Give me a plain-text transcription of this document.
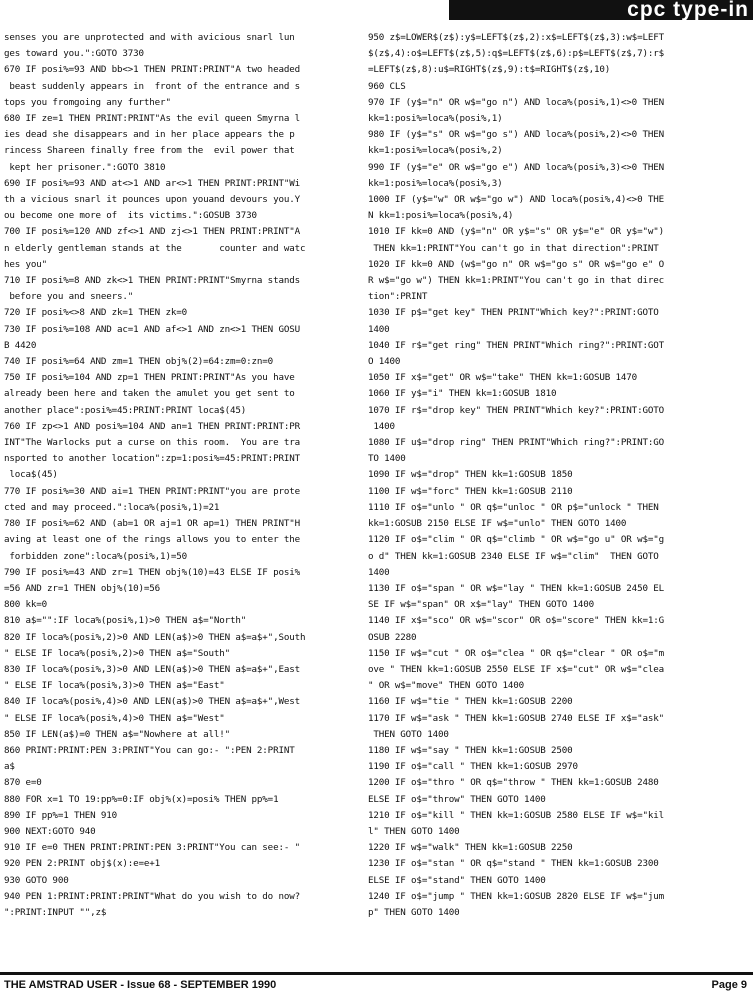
cpc type-in
senses you are unprotected and with avicious snarl lun
ges toward you.":GOTO 3730
670 IF posi%=93 AND bb<>1 THEN PRINT:PRINT"A two headed
beast suddenly appears in  front of the entrance and s
tops you fromgoing any further"
680 IF ze=1 THEN PRINT:PRINT"As the evil queen Smyrna l
ies dead she disappears and in her place appears the p
rincess Shareen finally free from the  evil power that
kept her prisoner.":GOTO 3810
690 IF posi%=93 AND at<>1 AND ar<>1 THEN PRINT:PRINT"Wi
th a vicious snarl it pounces upon youand devours you.Y
ou become one more of  its victims.":GOSUB 3730
700 IF posi%=120 AND zf<>1 AND zj<>1 THEN PRINT:PRINT"A
n elderly gentleman stands at the       counter and watc
hes you"
710 IF posi%=8 AND zk<>1 THEN PRINT:PRINT"Smyrna stands
before you and sneers."
720 IF posi%<>8 AND zk=1 THEN zk=0
730 IF posi%=108 AND ac=1 AND af<>1 AND zn<>1 THEN GOSU
B 4420
740 IF posi%=64 AND zm=1 THEN obj%(2)=64:zm=0:zn=0
750 IF posi%=104 AND zp=1 THEN PRINT:PRINT"As you have
already been here and taken the amulet you get sent to
another place":posi%=45:PRINT:PRINT loca$(45)
760 IF zp<>1 AND posi%=104 AND an=1 THEN PRINT:PRINT:PR
INT"The Warlocks put a curse on this room.  You are tra
nsported to another location":zp=1:posi%=45:PRINT:PRINT
loca$(45)
770 IF posi%=30 AND ai=1 THEN PRINT:PRINT"you are prote
cted and may proceed.":loca%(posi%,1)=21
780 IF posi%=62 AND (ab=1 OR aj=1 OR ap=1) THEN PRINT"H
aving at least one of the rings allows you to enter the
forbidden zone":loca%(posi%,1)=50
790 IF posi%=43 AND zr=1 THEN obj%(10)=43 ELSE IF posi%
=56 AND zr=1 THEN obj%(10)=56
800 kk=0
810 a$="":IF loca%(posi%,1)>0 THEN a$="North"
820 IF loca%(posi%,2)>0 AND LEN(a$)>0 THEN a$=a$+",South
" ELSE IF loca%(posi%,2)>0 THEN a$="South"
830 IF loca%(posi%,3)>0 AND LEN(a$)>0 THEN a$=a$+",East
" ELSE IF loca%(posi%,3)>0 THEN a$="East"
840 IF loca%(posi%,4)>0 AND LEN(a$)>0 THEN a$=a$+",West
" ELSE IF loca%(posi%,4)>0 THEN a$="West"
850 IF LEN(a$)=0 THEN a$="Nowhere at all!"
860 PRINT:PRINT:PEN 3:PRINT"You can go:- ":PEN 2:PRINT
a$
870 e=0
880 FOR x=1 TO 19:pp%=0:IF obj%(x)=posi% THEN pp%=1
890 IF pp%=1 THEN 910
900 NEXT:GOTO 940
910 IF e=0 THEN PRINT:PRINT:PEN 3:PRINT"You can see:- "
920 PEN 2:PRINT obj$(x):e=e+1
930 GOTO 900
940 PEN 1:PRINT:PRINT:PRINT"What do you wish to do now?
":PRINT:INPUT "",z$
950 z$=LOWER$(z$):y$=LEFT$(z$,2):x$=LEFT$(z$,3):w$=LEFT
$(z$,4):o$=LEFT$(z$,5):q$=LEFT$(z$,6):p$=LEFT$(z$,7):r$
=LEFT$(z$,8):u$=RIGHT$(z$,9):t$=RIGHT$(z$,10)
960 CLS
970 IF (y$="n" OR w$="go n") AND loca%(posi%,1)<>0 THEN
kk=1:posi%=loca%(posi%,1)
980 IF (y$="s" OR w$="go s") AND loca%(posi%,2)<>0 THEN
kk=1:posi%=loca%(posi%,2)
990 IF (y$="e" OR w$="go e") AND loca%(posi%,3)<>0 THEN
kk=1:posi%=loca%(posi%,3)
1000 IF (y$="w" OR w$="go w") AND loca%(posi%,4)<>0 THE
N kk=1:posi%=loca%(posi%,4)
1010 IF kk=0 AND (y$="n" OR y$="s" OR y$="e" OR y$="w")
THEN kk=1:PRINT"You can't go in that direction":PRINT
1020 IF kk=0 AND (w$="go n" OR w$="go s" OR w$="go e" O
R w$="go w") THEN kk=1:PRINT"You can't go in that direc
tion":PRINT
1030 IF p$="get key" THEN PRINT"Which key?":PRINT:GOTO
1400
1040 IF r$="get ring" THEN PRINT"Which ring?":PRINT:GOT
O 1400
1050 IF x$="get" OR w$="take" THEN kk=1:GOSUB 1470
1060 IF y$="i" THEN kk=1:GOSUB 1810
1070 IF r$="drop key" THEN PRINT"Which key?":PRINT:GOTO
1400
1080 IF u$="drop ring" THEN PRINT"Which ring?":PRINT:GO
TO 1400
1090 IF w$="drop" THEN kk=1:GOSUB 1850
1100 IF w$="forc" THEN kk=1:GOSUB 2110
1110 IF o$="unlo " OR q$="unloc " OR p$="unlock " THEN
kk=1:GOSUB 2150 ELSE IF w$="unlo" THEN GOTO 1400
1120 IF o$="clim " OR q$="climb " OR w$="go u" OR w$="g
o d" THEN kk=1:GOSUB 2340 ELSE IF w$="clim"  THEN GOTO
1400
1130 IF o$="span " OR w$="lay " THEN kk=1:GOSUB 2450 EL
SE IF w$="span" OR x$="lay" THEN GOTO 1400
1140 IF x$="sco" OR w$="scor" OR o$="score" THEN kk=1:G
OSUB 2280
1150 IF w$="cut " OR o$="clea " OR q$="clear " OR o$="m
ove " THEN kk=1:GOSUB 2550 ELSE IF x$="cut" OR w$="clea
" OR w$="move" THEN GOTO 1400
1160 IF w$="tie " THEN kk=1:GOSUB 2200
1170 IF w$="ask " THEN kk=1:GOSUB 2740 ELSE IF x$="ask"
THEN GOTO 1400
1180 IF w$="say " THEN kk=1:GOSUB 2500
1190 IF o$="call " THEN kk=1:GOSUB 2970
1200 IF o$="thro " OR q$="throw " THEN kk=1:GOSUB 2480
ELSE IF o$="throw" THEN GOTO 1400
1210 IF o$="kill " THEN kk=1:GOSUB 2580 ELSE IF w$="kil
l" THEN GOTO 1400
1220 IF w$="walk" THEN kk=1:GOSUB 2250
1230 IF o$="stan " OR q$="stand " THEN kk=1:GOSUB 2300
ELSE IF o$="stand" THEN GOTO 1400
1240 IF o$="jump " THEN kk=1:GOSUB 2820 ELSE IF w$="jum
p" THEN GOTO 1400
THE AMSTRAD USER - Issue 68 - SEPTEMBER 1990	Page 9
